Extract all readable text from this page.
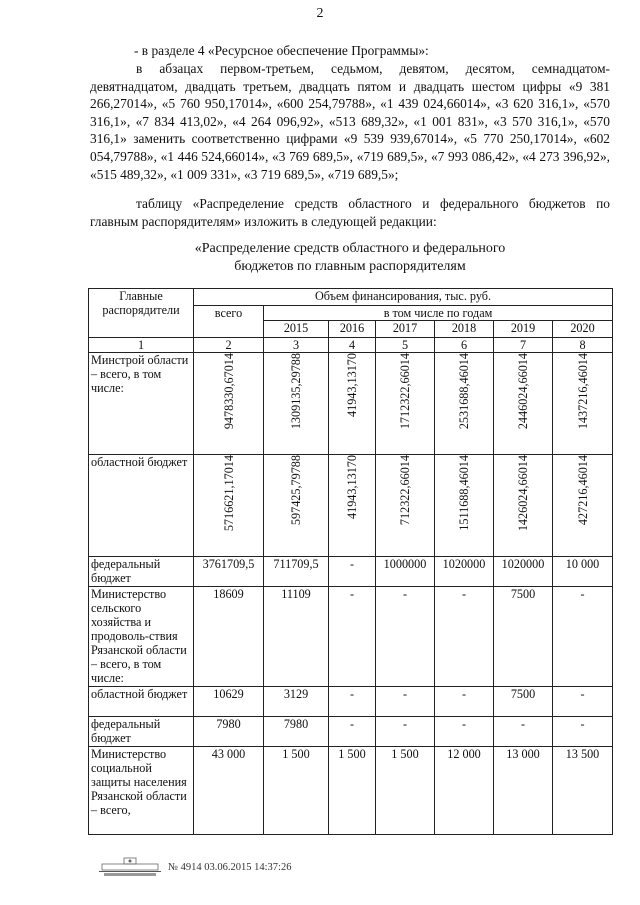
2
- в разделе 4 «Ресурсное обеспечение Программы»:
в абзацах первом-третьем, седьмом, девятом, десятом, семнадцатом-девятнадцатом, двадцать третьем, двадцать пятом и двадцать шестом цифры «9 381 266,27014», «5 760 950,17014», «600 254,79788», «1 439 024,66014», «3 620 316,1», «570 316,1», «7 834 413,02», «4 264 096,92», «513 689,32», «1 001 831», «3 570 316,1», «570 316,1» заменить соответственно цифрами «9 539 939,67014», «5 770 250,17014», «602 054,79788», «1 446 524,66014», «3 769 689,5», «719 689,5», «7 993 086,42», «4 273 396,92», «515 489,32», «1 009 331», «3 719 689,5», «719 689,5»;
таблицу «Распределение средств областного и федерального бюджетов по главным распорядителям» изложить в следующей редакции:
«Распределение средств областного и федерального
бюджетов по главным распорядителям
Главные распорядители	Объем финансирования, тыс. руб.						
	всего	в том числе по годам					
		2015	2016	2017	2018	2019	2020
1	2	3	4	5	6	7	8
Минстрой области – всего, в том числе:	9478330,67014	1309135,29788	41943,13170	1712322,66014	2531688,46014	2446024,66014	1437216,46014

областной бюджет	5716621,17014	597425,79788	41943,13170	712322,66014	1511688,46014	1426024,66014	427216,46014

федеральный бюджет	3761709,5	711709,5	-	1000000	1020000	1020000	10 000
Министерство сельского хозяйства и продоволь-ствия Рязанской области – всего, в том числе:	18609	11109	-	-	-	7500	-
областной бюджет	10629	3129	-	-	-	7500	-
федеральный бюджет	7980	7980	-	-	-	-	-
Министерство социальной защиты населения Рязанской области – всего,	43 000	1 500	1 500	1 500	12 000	13 000	13 500
№ 4914 03.06.2015 14:37:26
